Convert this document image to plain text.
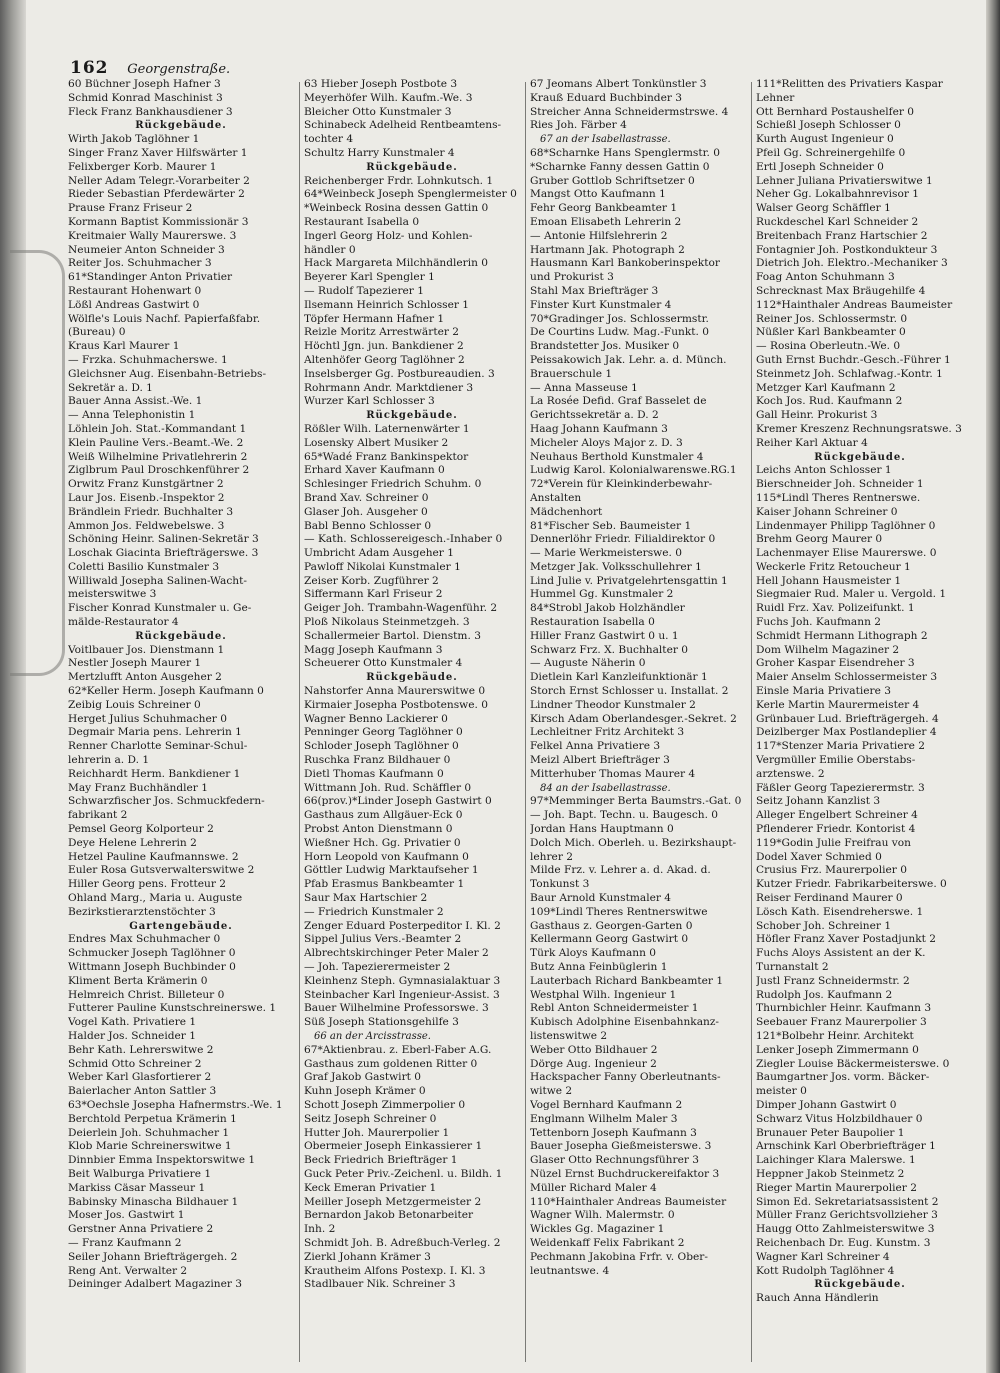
162 Georgenstraße.
60 Büchner Joseph Hafner 3
Schmid Konrad Maschinist 3
Fleck Franz Bankhausdiener 3
Rückgebäude.
Wirth Jakob Taglöhner 1
Singer Franz Xaver Hilfswärter 1
Felixberger Korb. Maurer 1
Neller Adam Telegr.-Vorarbeiter 2
Rieder Sebastian Pferdewärter 2
Prause Franz Friseur 2
Kormann Baptist Kommissionär 3
Kreitmaier Wally Maurerswe. 3
Neumeier Anton Schneider 3
Reiter Jos. Schuhmacher 3
61*Standinger Anton Privatier
Restaurant Hohenwart 0
Lößl Andreas Gastwirt 0
Wölfle's Louis Nachf. Papierfaßfabr.
(Bureau) 0
Kraus Karl Maurer 1
— Frzka. Schuhmacherswe. 1
Gleichsner Aug. Eisenbahn-Betriebs-
Sekretär a. D. 1
Bauer Anna Assist.-We. 1
— Anna Telephonistin 1
Löhlein Joh. Stat.-Kommandant 1
Klein Pauline Vers.-Beamt.-We. 2
Weiß Wilhelmine Privatlehrerin 2
Ziglbrum Paul Droschkenführer 2
Orwitz Franz Kunstgärtner 2
Laur Jos. Eisenb.-Inspektor 2
Brändlein Friedr. Buchhalter 3
Ammon Jos. Feldwebelswe. 3
Schöning Heinr. Salinen-Sekretär 3
Loschak Giacinta Briefträgerswe. 3
Coletti Basilio Kunstmaler 3
Williwald Josepha Salinen-Wacht-
meisterswitwe 3
Fischer Konrad Kunstmaler u. Ge-
mälde-Restaurator 4
Rückgebäude.
Voitlbauer Jos. Dienstmann 1
Nestler Joseph Maurer 1
Mertzlufft Anton Ausgeher 2
62*Keller Herm. Joseph Kaufmann 0
Zeibig Louis Schreiner 0
Herget Julius Schuhmacher 0
Degmair Maria pens. Lehrerin 1
Renner Charlotte Seminar-Schul-
lehrerin a. D. 1
Reichhardt Herm. Bankdiener 1
May Franz Buchhändler 1
Schwarzfischer Jos. Schmuckfedern-
fabrikant 2
Pemsel Georg Kolporteur 2
Deye Helene Lehrerin 2
Hetzel Pauline Kaufmannswe. 2
Euler Rosa Gutsverwalterswitwe 2
Hiller Georg pens. Frotteur 2
Ohland Marg., Maria u. Auguste
Bezirkstierarztenstöchter 3
Gartengebäude.
Endres Max Schuhmacher 0
Schmucker Joseph Taglöhner 0
Wittmann Joseph Buchbinder 0
Kliment Berta Krämerin 0
Helmreich Christ. Billeteur 0
Futterer Pauline Kunstschreinerswe. 1
Vogel Kath. Privatiere 1
Halder Jos. Schneider 1
Behr Kath. Lehrerswitwe 2
Schmid Otto Schreiner 2
Weber Karl Glasfortierer 2
Baierlacher Anton Sattler 3
63*Oechsle Josepha Hafnermstrs.-We. 1
Berchtold Perpetua Krämerin 1
Deierlein Joh. Schuhmacher 1
Klob Marie Schreinerswitwe 1
Dinnbier Emma Inspektorswitwe 1
Beit Walburga Privatiere 1
Markiss Cäsar Masseur 1
Babinsky Minascha Bildhauer 1
Moser Jos. Gastwirt 1
Gerstner Anna Privatiere 2
— Franz Kaufmann 2
Seiler Johann Briefträgergeh. 2
Reng Ant. Verwalter 2
Deininger Adalbert Magaziner 3
63 Hieber Joseph Postbote 3
Meyerhöfer Wilh. Kaufm.-We. 3
Bleicher Otto Kunstmaler 3
Schinabeck Adelheid Rentbeamtens-
tochter 4
Schultz Harry Kunstmaler 4
Rückgebäude.
Reichenberger Frdr. Lohnkutsch. 1
64*Weinbeck Joseph Spenglermeister 0
*Weinbeck Rosina dessen Gattin 0
Restaurant Isabella 0
Ingerl Georg Holz- und Kohlen-
händler 0
Hack Margareta Milchhändlerin 0
Beyerer Karl Spengler 1
— Rudolf Tapezierer 1
Ilsemann Heinrich Schlosser 1
Töpfer Hermann Hafner 1
Reizle Moritz Arrestwärter 2
Höchtl Jgn. jun. Bankdiener 2
Altenhöfer Georg Taglöhner 2
Inselsberger Gg. Postbureaudien. 3
Rohrmann Andr. Marktdiener 3
Wurzer Karl Schlosser 3
Rückgebäude.
Rößler Wilh. Laternenwärter 1
Losensky Albert Musiker 2
65*Wadé Franz Bankinspektor
Erhard Xaver Kaufmann 0
Schlesinger Friedrich Schuhm. 0
Brand Xav. Schreiner 0
Glaser Joh. Ausgeher 0
Babl Benno Schlosser 0
— Kath. Schlossereigesch.-Inhaber 0
Umbricht Adam Ausgeher 1
Pawloff Nikolai Kunstmaler 1
Zeiser Korb. Zugführer 2
Siffermann Karl Friseur 2
Geiger Joh. Trambahn-Wagenführ. 2
Ploß Nikolaus Steinmetzgeh. 3
Schallermeier Bartol. Dienstm. 3
Magg Joseph Kaufmann 3
Scheuerer Otto Kunstmaler 4
Rückgebäude.
Nahstorfer Anna Maurerswitwe 0
Kirmaier Josepha Postbotenswe. 0
Wagner Benno Lackierer 0
Penninger Georg Taglöhner 0
Schloder Joseph Taglöhner 0
Ruschka Franz Bildhauer 0
Dietl Thomas Kaufmann 0
Wittmann Joh. Rud. Schäffler 0
66(prov.)*Linder Joseph Gastwirt 0
Gasthaus zum Allgäuer-Eck 0
Probst Anton Dienstmann 0
Wießner Hch. Gg. Privatier 0
Horn Leopold von Kaufmann 0
Göttler Ludwig Marktaufseher 1
Pfab Erasmus Bankbeamter 1
Saur Max Hartschier 2
— Friedrich Kunstmaler 2
Zenger Eduard Posterpeditor I. Kl. 2
Sippel Julius Vers.-Beamter 2
Albrechtskirchinger Peter Maler 2
— Joh. Tapezierermeister 2
Kleinhenz Steph. Gymnasialaktuar 3
Steinbacher Karl Ingenieur-Assist. 3
Bauer Wilhelmine Professorswe. 3
Süß Joseph Stationsgehilfe 3
66 an der Arcisstrasse.
67*Aktienbrau. z. Eberl-Faber A.G.
Gasthaus zum goldenen Ritter 0
Graf Jakob Gastwirt 0
Kuhn Joseph Krämer 0
Schott Joseph Zimmerpolier 0
Seitz Joseph Schreiner 0
Hutter Joh. Maurerpolier 1
Obermeier Joseph Einkassierer 1
Beck Friedrich Briefträger 1
Guck Peter Priv.-Zeichenl. u. Bildh. 1
Keck Emeran Privatier 1
Meiller Joseph Metzgermeister 2
Bernardon Jakob Betonarbeiter
Inh. 2
Schmidt Joh. B. Adreßbuch-Verleg. 2
Zierkl Johann Krämer 3
Krautheim Alfons Postexp. I. Kl. 3
Stadlbauer Nik. Schreiner 3
67 Jeomans Albert Tonkünstler 3
Krauß Eduard Buchbinder 3
Streicher Anna Schneidermstrswe. 4
Ries Joh. Färber 4
67 an der Isabellastrasse.
68*Scharnke Hans Spenglermstr. 0
*Scharnke Fanny dessen Gattin 0
Gruber Gottlob Schriftsetzer 0
Mangst Otto Kaufmann 1
Fehr Georg Bankbeamter 1
Emoan Elisabeth Lehrerin 2
— Antonie Hilfslehrerin 2
Hartmann Jak. Photograph 2
Hausmann Karl Bankoberinspektor
und Prokurist 3
Stahl Max Briefträger 3
Finster Kurt Kunstmaler 4
70*Gradinger Jos. Schlossermstr.
De Courtins Ludw. Mag.-Funkt. 0
Brandstetter Jos. Musiker 0
Peissakowich Jak. Lehr. a. d. Münch.
Brauerschule 1
— Anna Masseuse 1
La Rosée Defid. Graf Basselet de
Gerichtssekretär a. D. 2
Haag Johann Kaufmann 3
Micheler Aloys Major z. D. 3
Neuhaus Berthold Kunstmaler 4
Ludwig Karol. Kolonialwarenswe.RG.1
72*Verein für Kleinkinderbewahr-
Anstalten
Mädchenhort
81*Fischer Seb. Baumeister 1
Dennerlöhr Friedr. Filialdirektor 0
— Marie Werkmeisterswe. 0
Metzger Jak. Volksschullehrer 1
Lind Julie v. Privatgelehrtensgattin 1
Hummel Gg. Kunstmaler 2
84*Strobl Jakob Holzhändler
Restauration Isabella 0
Hiller Franz Gastwirt 0 u. 1
Schwarz Frz. X. Buchhalter 0
— Auguste Näherin 0
Dietlein Karl Kanzleifunktionär 1
Storch Ernst Schlosser u. Installat. 2
Lindner Theodor Kunstmaler 2
Kirsch Adam Oberlandesger.-Sekret. 2
Lechleitner Fritz Architekt 3
Felkel Anna Privatiere 3
Meizl Albert Briefträger 3
Mitterhuber Thomas Maurer 4
84 an der Isabellastrasse.
97*Memminger Berta Baumstrs.-Gat. 0
— Joh. Bapt. Techn. u. Baugesch. 0
Jordan Hans Hauptmann 0
Dolch Mich. Oberleh. u. Bezirkshaupt-
lehrer 2
Milde Frz. v. Lehrer a. d. Akad. d.
Tonkunst 3
Baur Arnold Kunstmaler 4
109*Lindl Theres Rentnerswitwe
Gasthaus z. Georgen-Garten 0
Kellermann Georg Gastwirt 0
Türk Aloys Kaufmann 0
Butz Anna Feinbüglerin 1
Lauterbach Richard Bankbeamter 1
Westphal Wilh. Ingenieur 1
Rebl Anton Schneidermeister 1
Kubisch Adolphine Eisenbahnkanz-
listenswitwe 2
Weber Otto Bildhauer 2
Dörge Aug. Ingenieur 2
Hackspacher Fanny Oberleutnants-
witwe 2
Vogel Bernhard Kaufmann 2
Englmann Wilhelm Maler 3
Tettenborn Joseph Kaufmann 3
Bauer Josepha Gießmeisterswe. 3
Glaser Otto Rechnungsführer 3
Nüzel Ernst Buchdruckereifaktor 3
Müller Richard Maler 4
110*Hainthaler Andreas Baumeister
Wagner Wilh. Malermstr. 0
Wickles Gg. Magaziner 1
Weidenkaff Felix Fabrikant 2
Pechmann Jakobina Frfr. v. Ober-
leutnantswe. 4
111*Relitten des Privatiers Kaspar
Lehner
Ott Bernhard Postaushelfer 0
Schießl Joseph Schlosser 0
Kurth August Ingenieur 0
Pfeil Gg. Schreinergehilfe 0
Ertl Joseph Schneider 0
Lehner Juliana Privatierswitwe 1
Neher Gg. Lokalbahnrevisor 1
Walser Georg Schäffler 1
Ruckdeschel Karl Schneider 2
Breitenbach Franz Hartschier 2
Fontagnier Joh. Postkondukteur 3
Dietrich Joh. Elektro.-Mechaniker 3
Foag Anton Schuhmann 3
Schrecknast Max Bräugehilfe 4
112*Hainthaler Andreas Baumeister
Reiner Jos. Schlossermstr. 0
Nüßler Karl Bankbeamter 0
— Rosina Oberleutn.-We. 0
Guth Ernst Buchdr.-Gesch.-Führer 1
Steinmetz Joh. Schlafwag.-Kontr. 1
Metzger Karl Kaufmann 2
Koch Jos. Rud. Kaufmann 2
Gall Heinr. Prokurist 3
Kremer Kreszenz Rechnungsratswe. 3
Reiher Karl Aktuar 4
Rückgebäude.
Leichs Anton Schlosser 1
Bierschneider Joh. Schneider 1
115*Lindl Theres Rentnerswe.
Kaiser Johann Schreiner 0
Lindenmayer Philipp Taglöhner 0
Brehm Georg Maurer 0
Lachenmayer Elise Maurerswe. 0
Weckerle Fritz Retoucheur 1
Hell Johann Hausmeister 1
Siegmaier Rud. Maler u. Vergold. 1
Ruidl Frz. Xav. Polizeifunkt. 1
Fuchs Joh. Kaufmann 2
Schmidt Hermann Lithograph 2
Dom Wilhelm Magaziner 2
Groher Kaspar Eisendreher 3
Maier Anselm Schlossermeister 3
Einsle Maria Privatiere 3
Kerle Martin Maurermeister 4
Grünbauer Lud. Briefträgergeh. 4
Deizlberger Max Postlandeplier 4
117*Stenzer Maria Privatiere 2
Vergmüller Emilie Oberstabs-
arztenswe. 2
Fäßler Georg Tapezierermstr. 3
Seitz Johann Kanzlist 3
Alleger Engelbert Schreiner 4
Pflenderer Friedr. Kontorist 4
119*Godin Julie Freifrau von
Dodel Xaver Schmied 0
Crusius Frz. Maurerpolier 0
Kutzer Friedr. Fabrikarbeiterswe. 0
Reiser Ferdinand Maurer 0
Lösch Kath. Eisendreherswe. 1
Schober Joh. Schreiner 1
Höfler Franz Xaver Postadjunkt 2
Fuchs Aloys Assistent an der K.
Turnanstalt 2
Justl Franz Schneidermstr. 2
Rudolph Jos. Kaufmann 2
Thurnbichler Heinr. Kaufmann 3
Seebauer Franz Maurerpolier 3
121*Bolbehr Heinr. Architekt
Lenker Joseph Zimmermann 0
Ziegler Louise Bäckermeisterswe. 0
Baumgartner Jos. vorm. Bäcker-
meister 0
Dimper Johann Gastwirt 0
Schwarz Vitus Holzbildhauer 0
Brunauer Peter Baupolier 1
Arnschink Karl Oberbriefträger 1
Laichinger Klara Malerswe. 1
Heppner Jakob Steinmetz 2
Rieger Martin Maurerpolier 2
Simon Ed. Sekretariatsassistent 2
Müller Franz Gerichtsvollzieher 3
Haugg Otto Zahlmeisterswitwe 3
Reichenbach Dr. Eug. Kunstm. 3
Wagner Karl Schreiner 4
Kott Rudolph Taglöhner 4
Rückgebäude.
Rauch Anna Händlerin
